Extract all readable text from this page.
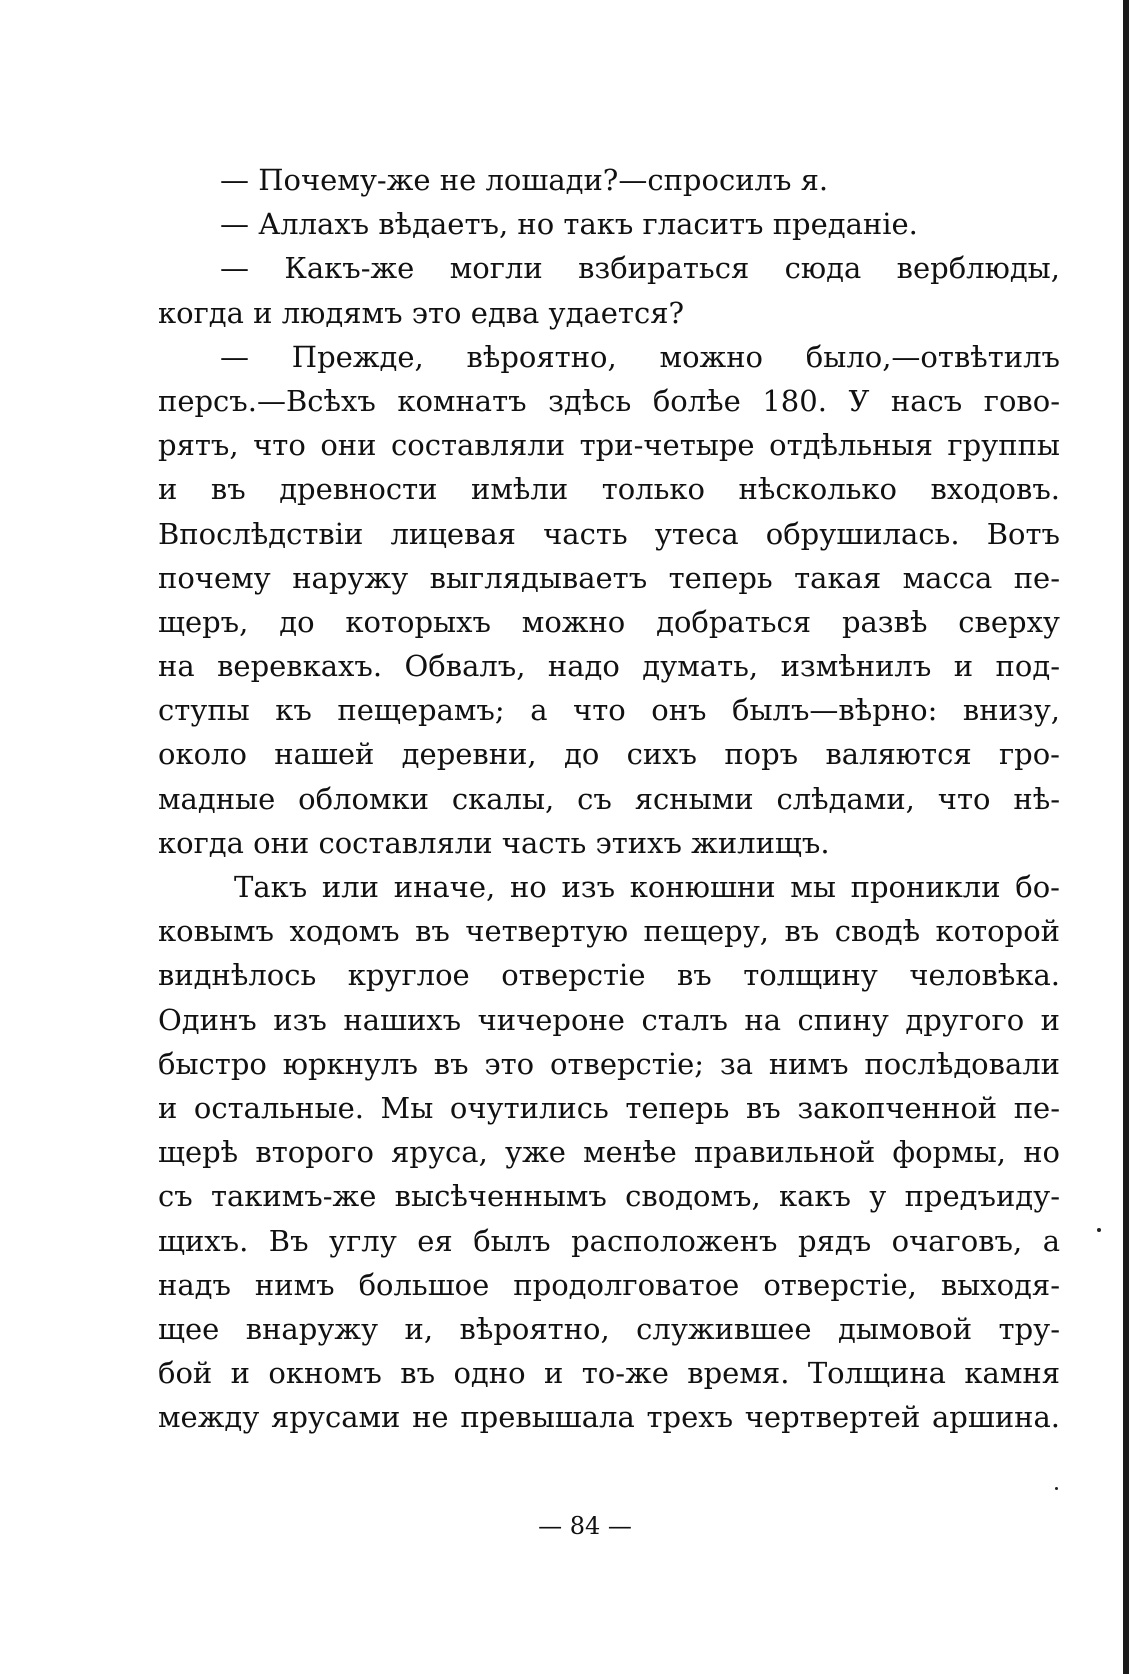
— Почему-же не лошади?—спросилъ я.
— Аллахъ вѣдаетъ, но такъ гласитъ преданіе.
— Какъ-же могли взбираться сюда верблюды,
когда и людямъ это едва удается?
— Прежде, вѣроятно, можно было,—отвѣтилъ
персъ.—Всѣхъ комнатъ здѣсь болѣе 180. У насъ гово-
рятъ, что они составляли три-четыре отдѣльныя группы
и въ древности имѣли только нѣсколько входовъ.
Впослѣдствіи лицевая часть утеса обрушилась. Вотъ
почему наружу выглядываетъ теперь такая масса пе-
щеръ, до которыхъ можно добраться развѣ сверху
на веревкахъ. Обвалъ, надо думать, измѣнилъ и под-
ступы къ пещерамъ; а что онъ былъ—вѣрно: внизу,
около нашей деревни, до сихъ поръ валяются гро-
мадные обломки скалы, съ ясными слѣдами, что нѣ-
когда они составляли часть этихъ жилищъ.
Такъ или иначе, но изъ конюшни мы проникли бо-
ковымъ ходомъ въ четвертую пещеру, въ сводѣ которой
виднѣлось круглое отверстіе въ толщину человѣка.
Одинъ изъ нашихъ чичероне сталъ на спину другого и
быстро юркнулъ въ это отверстіе; за нимъ послѣдовали
и остальные. Мы очутились теперь въ закопченной пе-
щерѣ второго яруса, уже менѣе правильной формы, но
съ такимъ-же высѣченнымъ сводомъ, какъ у предъиду-
щихъ. Въ углу ея былъ расположенъ рядъ очаговъ, а
надъ нимъ большое продолговатое отверстіе, выходя-
щее внаружу и, вѣроятно, служившее дымовой тру-
бой и окномъ въ одно и то-же время. Толщина камня
между ярусами не превышала трехъ чертвертей аршина.
— 84 —
